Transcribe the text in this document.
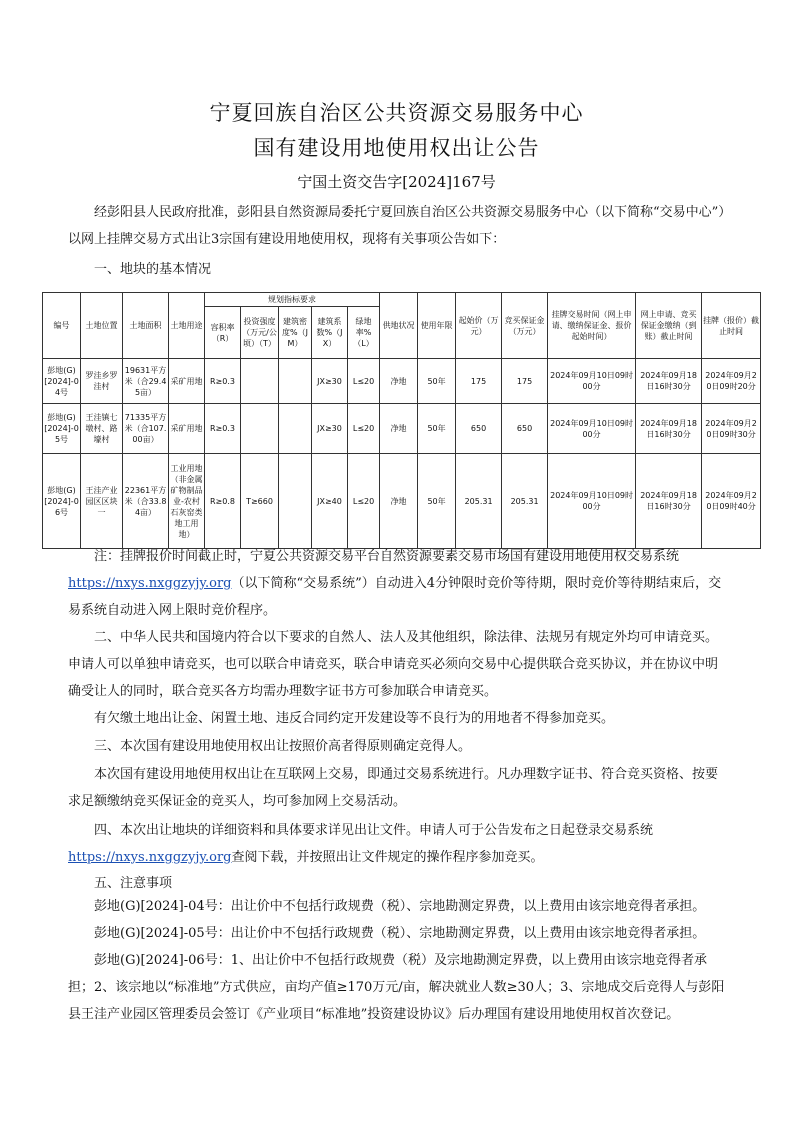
宁夏回族自治区公共资源交易服务中心
国有建设用地使用权出让公告
宁国土资交告字[2024]167号

经彭阳县人民政府批准，彭阳县自然资源局委托宁夏回族自治区公共资源交易服务中心（以下简称“交易中心”）以网上挂牌交易方式出让3宗国有建设用地使用权，现将有关事项公告如下：

一、地块的基本情况
编号	土地位置	土地面积	土地用途	规划指标要求					供地状况	使用年限	起始价（万元）	竞买保证金（万元）	挂牌交易时间（网上申请、缴纳保证金、报价起始时间）	网上申请、竞买保证金缴纳（到账）截止时间	挂牌（报价）截止时间
				容积率（R）	投资强度（万元/公顷）（T）	建筑密度%（JM）	建筑系数%（JX）	绿地率%（L）							
彭地(G)[2024]-04号	罗洼乡罗洼村	19631平方米（合29.45亩）	采矿用地	R≥0.3			JX≥30	L≤20	净地	50年	175	175	2024年09月10日09时00分	2024年09月18日16时30分	2024年09月20日09时20分
彭地(G)[2024]-05号	王洼镇七墩村、路壕村	71335平方米（合107.00亩）	采矿用地	R≥0.3			JX≥30	L≤20	净地	50年	650	650	2024年09月10日09时00分	2024年09月18日16时30分	2024年09月20日09时30分
彭地(G)[2024]-06号	王洼产业园区区块一	22361平方米（合33.84亩）	工业用地（非金属矿物制品业-农村石灰窑类地工用地）	R≥0.8	T≥660		JX≥40	L≤20	净地	50年	205.31	205.31	2024年09月10日09时00分	2024年09月18日16时30分	2024年09月20日09时40分

注：挂牌报价时间截止时，宁夏公共资源交易平台自然资源要素交易市场国有建设用地使用权交易系统https://nxys.nxggzyjy.org（以下简称“交易系统”）自动进入4分钟限时竞价等待期，限时竞价等待期结束后，交易系统自动进入网上限时竞价程序。

二、中华人民共和国境内符合以下要求的自然人、法人及其他组织，除法律、法规另有规定外均可申请竞买。申请人可以单独申请竞买，也可以联合申请竞买，联合申请竞买必须向交易中心提供联合竞买协议，并在协议中明确受让人的同时，联合竞买各方均需办理数字证书方可参加联合申请竞买。

有欠缴土地出让金、闲置土地、违反合同约定开发建设等不良行为的用地者不得参加竞买。

三、本次国有建设用地使用权出让按照价高者得原则确定竞得人。

本次国有建设用地使用权出让在互联网上交易，即通过交易系统进行。凡办理数字证书、符合竞买资格、按要求足额缴纳竞买保证金的竞买人，均可参加网上交易活动。

四、本次出让地块的详细资料和具体要求详见出让文件。申请人可于公告发布之日起登录交易系统https://nxys.nxggzyjy.org查阅下载，并按照出让文件规定的操作程序参加竞买。

五、注意事项

彭地(G)[2024]-04号：出让价中不包括行政规费（税）、宗地勘测定界费，以上费用由该宗地竞得者承担。

彭地(G)[2024]-05号：出让价中不包括行政规费（税）、宗地勘测定界费，以上费用由该宗地竞得者承担。

彭地(G)[2024]-06号：1、出让价中不包括行政规费（税）及宗地勘测定界费，以上费用由该宗地竞得者承担；2、该宗地以“标准地”方式供应，亩均产值≥170万元/亩，解决就业人数≥30人；3、宗地成交后竞得人与彭阳县王洼产业园区管理委员会签订《产业项目“标准地”投资建设协议》后办理国有建设用地使用权首次登记。
